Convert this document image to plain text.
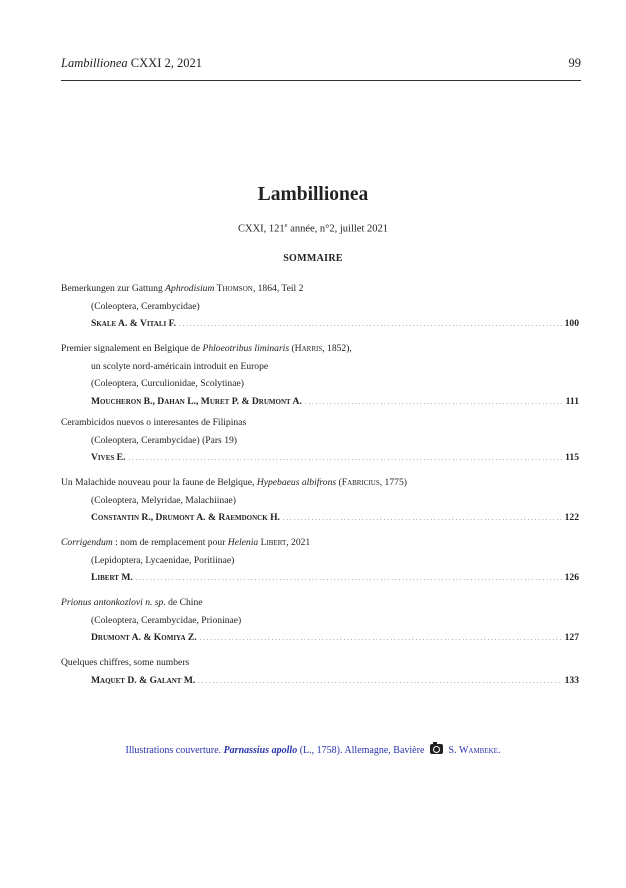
Lambillionea CXXI 2, 2021	99
Lambillionea
CXXI, 121e année, n°2, juillet 2021
SOMMAIRE
Bemerkungen zur Gattung Aphrodisium Thomson, 1864, Teil 2
(Coleoptera, Cerambycidae)
Skale A. & Vitali F. . . .	100
Premier signalement en Belgique de Phloeotribus liminaris (Harris, 1852),
un scolyte nord-américain introduit en Europe
(Coleoptera, Curculionidae, Scolytinae)
Moucheron B., Dahan L., Muret P. & Drumont A. . . .	111
Cerambicidos nuevos o interesantes de Filipinas
(Coleoptera, Cerambycidae) (Pars 19)
Vives E. . . .	115
Un Malachide nouveau pour la faune de Belgique, Hypebaeus albifrons (Fabricius, 1775)
(Coleoptera, Melyridae, Malachiinae)
Constantin R., Drumont A. & Raemdonck H. . . .	122
Corrigendum : nom de remplacement pour Helenia Libert, 2021
(Lepidoptera, Lycaenidae, Poritiinae)
Libert M. . . .	126
Prionus antonkozlovi n. sp. de Chine
(Coleoptera, Cerambycidae, Prioninae)
Drumont A. & Komiya Z. . . .	127
Quelques chiffres, some numbers
Maquet D. & Galant M. . . .	133
Illustrations couverture. Parnassius apollo (L., 1758). Allemagne, Bavière  S. Wambeke.
